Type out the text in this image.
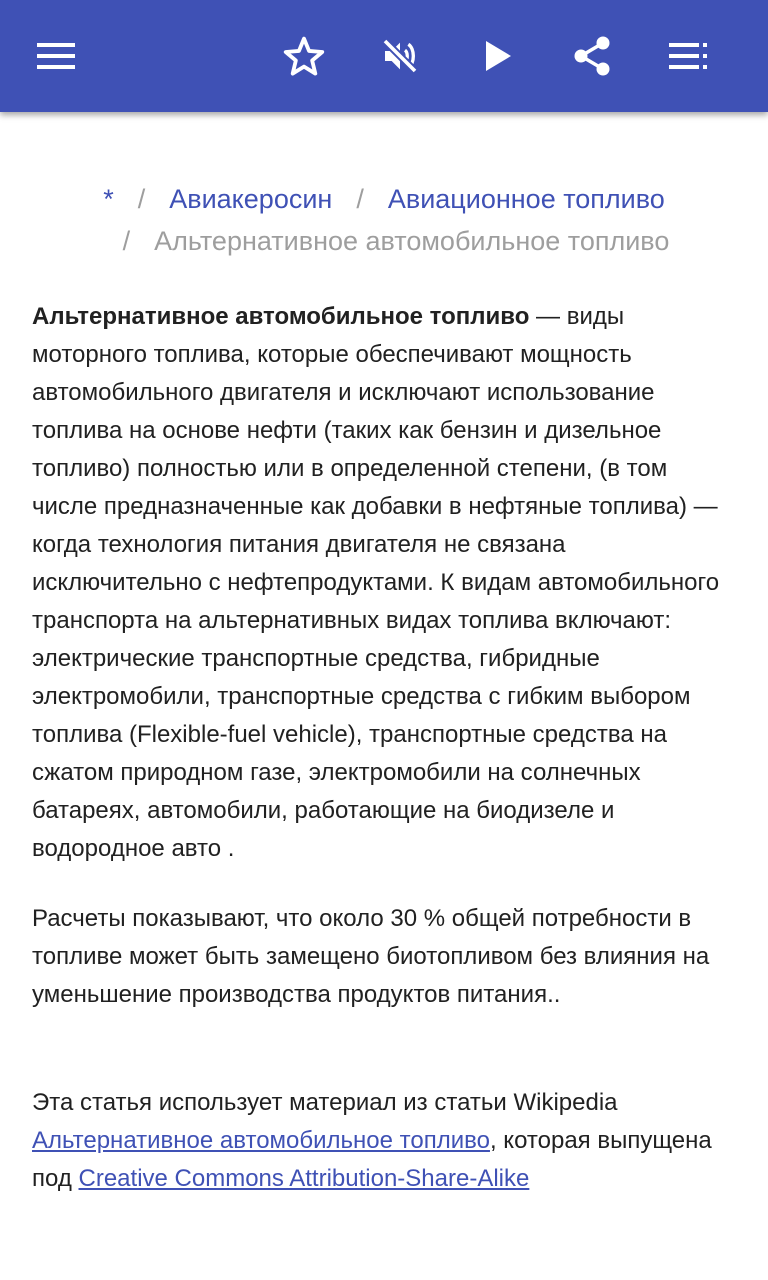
* / Авиакеросин / Авиационное топливо
/ Альтернативное автомобильное топливо

Альтернативное автомобильное топливо — виды моторного топлива, которые обеспечивают мощность автомобильного двигателя и исключают использование топлива на основе нефти (таких как бензин и дизельное топливо) полностью или в определенной степени, (в том числе предназначенные как добавки в нефтяные топлива) — когда технология питания двигателя не связана исключительно с нефтепродуктами. К видам автомобильного транспорта на альтернативных видах топлива включают: электрические транспортные средства, гибридные электромобили, транспортные средства с гибким выбором топлива (Flexible-fuel vehicle), транспортные средства на сжатом природном газе, электромобили на солнечных батареях, автомобили, работающие на биодизеле и водородное авто .

Расчеты показывают, что около 30 % общей потребности в топливе может быть замещено биотопливом без влияния на уменьшение производства продуктов питания..

Эта статья использует материал из статьи Wikipedia Альтернативное автомобильное топливо, которая выпущена под Creative Commons Attribution-Share-Alike
